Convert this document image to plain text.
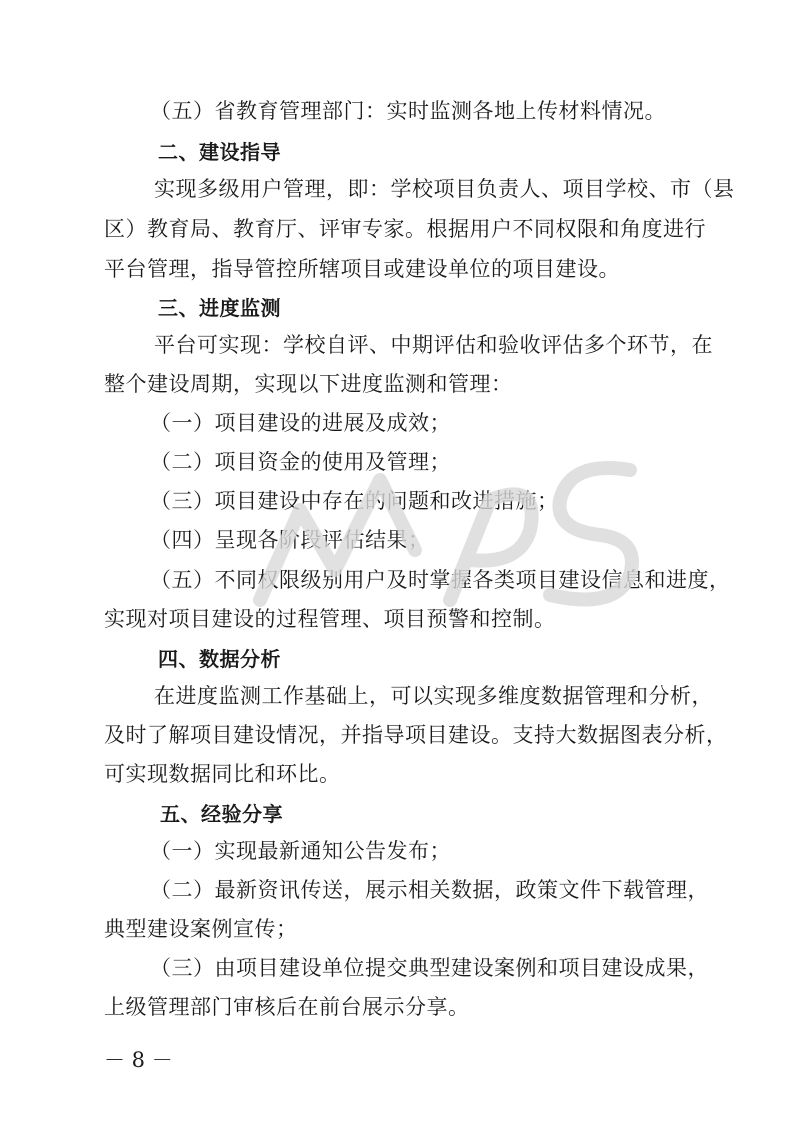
（五）省教育管理部门：实时监测各地上传材料情况。
二、建设指导
实现多级用户管理，即：学校项目负责人、项目学校、市（县
区）教育局、教育厅、评审专家。根据用户不同权限和角度进行
平台管理，指导管控所辖项目或建设单位的项目建设。
三、进度监测
平台可实现：学校自评、中期评估和验收评估多个环节，在
整个建设周期，实现以下进度监测和管理：
（一）项目建设的进展及成效；
（二）项目资金的使用及管理；
（三）项目建设中存在的问题和改进措施；
（四）呈现各阶段评估结果；
（五）不同权限级别用户及时掌握各类项目建设信息和进度，
实现对项目建设的过程管理、项目预警和控制。
四、数据分析
在进度监测工作基础上，可以实现多维度数据管理和分析，
及时了解项目建设情况，并指导项目建设。支持大数据图表分析，
可实现数据同比和环比。
五、经验分享
（一）实现最新通知公告发布；
（二）最新资讯传送，展示相关数据，政策文件下载管理，
典型建设案例宣传；
（三）由项目建设单位提交典型建设案例和项目建设成果，
上级管理部门审核后在前台展示分享。
－ 8 －
